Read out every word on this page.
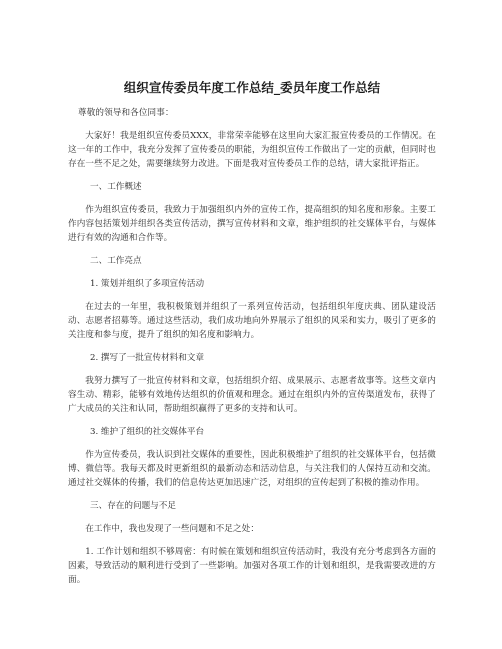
组织宣传委员年度工作总结_委员年度工作总结
尊敬的领导和各位同事：
大家好！我是组织宣传委员XXX，非常荣幸能够在这里向大家汇报宣传委员的工作情况。在这一年的工作中，我充分发挥了宣传委员的职能，为组织宣传工作做出了一定的贡献，但同时也存在一些不足之处，需要继续努力改进。下面是我对宣传委员工作的总结，请大家批评指正。
一、工作概述
作为组织宣传委员，我致力于加强组织内外的宣传工作，提高组织的知名度和形象。主要工作内容包括策划并组织各类宣传活动，撰写宣传材料和文章，维护组织的社交媒体平台，与媒体进行有效的沟通和合作等。
二、工作亮点
1. 策划并组织了多项宣传活动
在过去的一年里，我积极策划并组织了一系列宣传活动，包括组织年度庆典、团队建设活动、志愿者招募等。通过这些活动，我们成功地向外界展示了组织的风采和实力，吸引了更多的关注度和参与度，提升了组织的知名度和影响力。
2. 撰写了一批宣传材料和文章
我努力撰写了一批宣传材料和文章，包括组织介绍、成果展示、志愿者故事等。这些文章内容生动、精彩，能够有效地传达组织的价值观和理念。通过在组织内外的宣传渠道发布，获得了广大成员的关注和认同，帮助组织赢得了更多的支持和认可。
3. 维护了组织的社交媒体平台
作为宣传委员，我认识到社交媒体的重要性，因此积极维护了组织的社交媒体平台，包括微博、微信等。我每天都及时更新组织的最新动态和活动信息，与关注我们的人保持互动和交流。通过社交媒体的传播，我们的信息传达更加迅速广泛，对组织的宣传起到了积极的推动作用。
三、存在的问题与不足
在工作中，我也发现了一些问题和不足之处：
1. 工作计划和组织不够周密：有时候在策划和组织宣传活动时，我没有充分考虑到各方面的因素，导致活动的顺利进行受到了一些影响。加强对各项工作的计划和组织，是我需要改进的方面。
